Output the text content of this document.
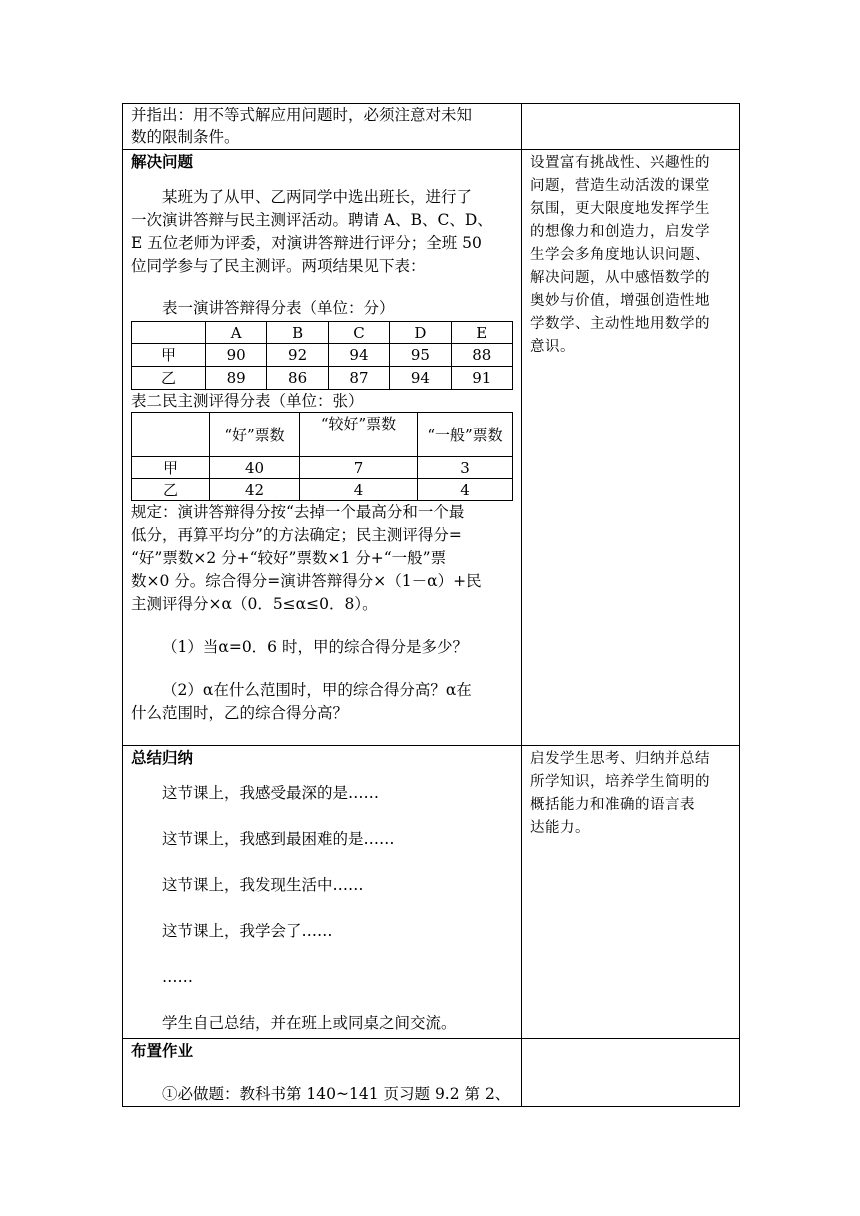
并指出：用不等式解应用问题时，必须注意对未知

数的限制条件。

解决问题

某班为了从甲、乙两同学中选出班长，进行了

一次演讲答辩与民主测评活动。聘请 A、B、C、D、

E 五位老师为评委，对演讲答辩进行评分；全班 50

位同学参与了民主测评。两项结果见下表：

表一演讲答辩得分表（单位：分）

	A	B	C	D	E
甲	90	92	94	95	88
乙	89	86	87	94	91

表二民主测评得分表（单位：张）

	“好”票数	“较好”票数	“一般”票数
甲	40	7	3
乙	42	4	4

规定：演讲答辩得分按“去掉一个最高分和一个最

低分，再算平均分”的方法确定；民主测评得分=

“好”票数×2 分+“较好”票数×1 分+“一般”票

数×0 分。综合得分=演讲答辩得分×（1－α）+民

主测评得分×α（0．5≤α≤0．8）。

（1）当α=0．6 时，甲的综合得分是多少？

（2）α在什么范围时，甲的综合得分高？α在

什么范围时，乙的综合得分高？

设置富有挑战性、兴趣性的

问题，营造生动活泼的课堂

氛围，更大限度地发挥学生

的想像力和创造力，启发学

生学会多角度地认识问题、

解决问题，从中感悟数学的

奥妙与价值，增强创造性地

学数学、主动性地用数学的

意识。

总结归纳

这节课上，我感受最深的是……

这节课上，我感到最困难的是……

这节课上，我发现生活中……

这节课上，我学会了……

……

学生自己总结，并在班上或同桌之间交流。

启发学生思考、归纳并总结

所学知识，培养学生简明的

概括能力和准确的语言表

达能力。

布置作业

①必做题：教科书第 140~141 页习题 9.2 第 2、
